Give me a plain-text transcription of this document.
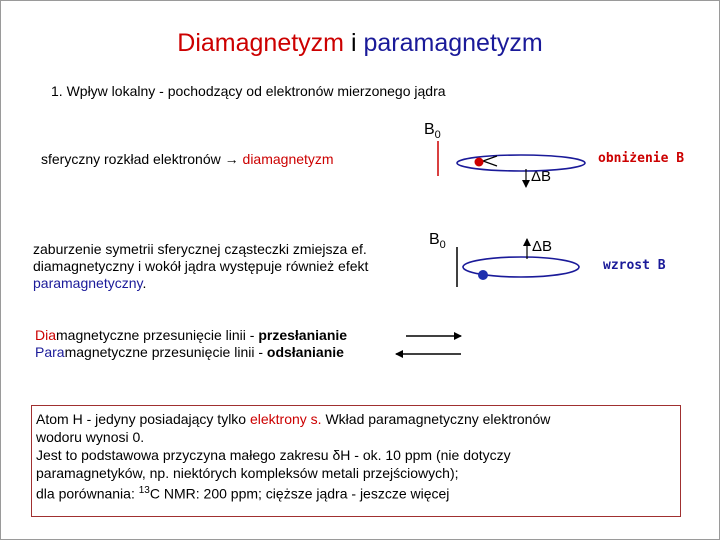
Diamagnetyzm i paramagnetyzm
1. Wpływ lokalny - pochodzący od elektronów mierzonego jądra
sferyczny rozkład elektronów → diamagnetyzm
zaburzenie symetrii sferycznej cząsteczki zmiejsza ef.
diamagnetyczny i wokół jądra występuje również efekt
paramagnetyczny.
$B_0$
ΔB
obniżenie B
$B_0$	ΔB
wzrost B
Diamagnetyczne przesunięcie linii - przesłanianie
Paramagnetyczne przesunięcie linii - odsłanianie

Atom H - jedyny posiadający tylko elektrony s. Wkład paramagnetyczny elektronów

wodoru wynosi 0.

Jest to podstawowa przyczyna małego zakresu δH - ok. 10 ppm (nie dotyczy

paramagnetyków, np. niektórych kompleksów metali przejściowych);

dla porównania: $^{13}$C NMR: 200 ppm; cięższe jądra - jeszcze więcej
